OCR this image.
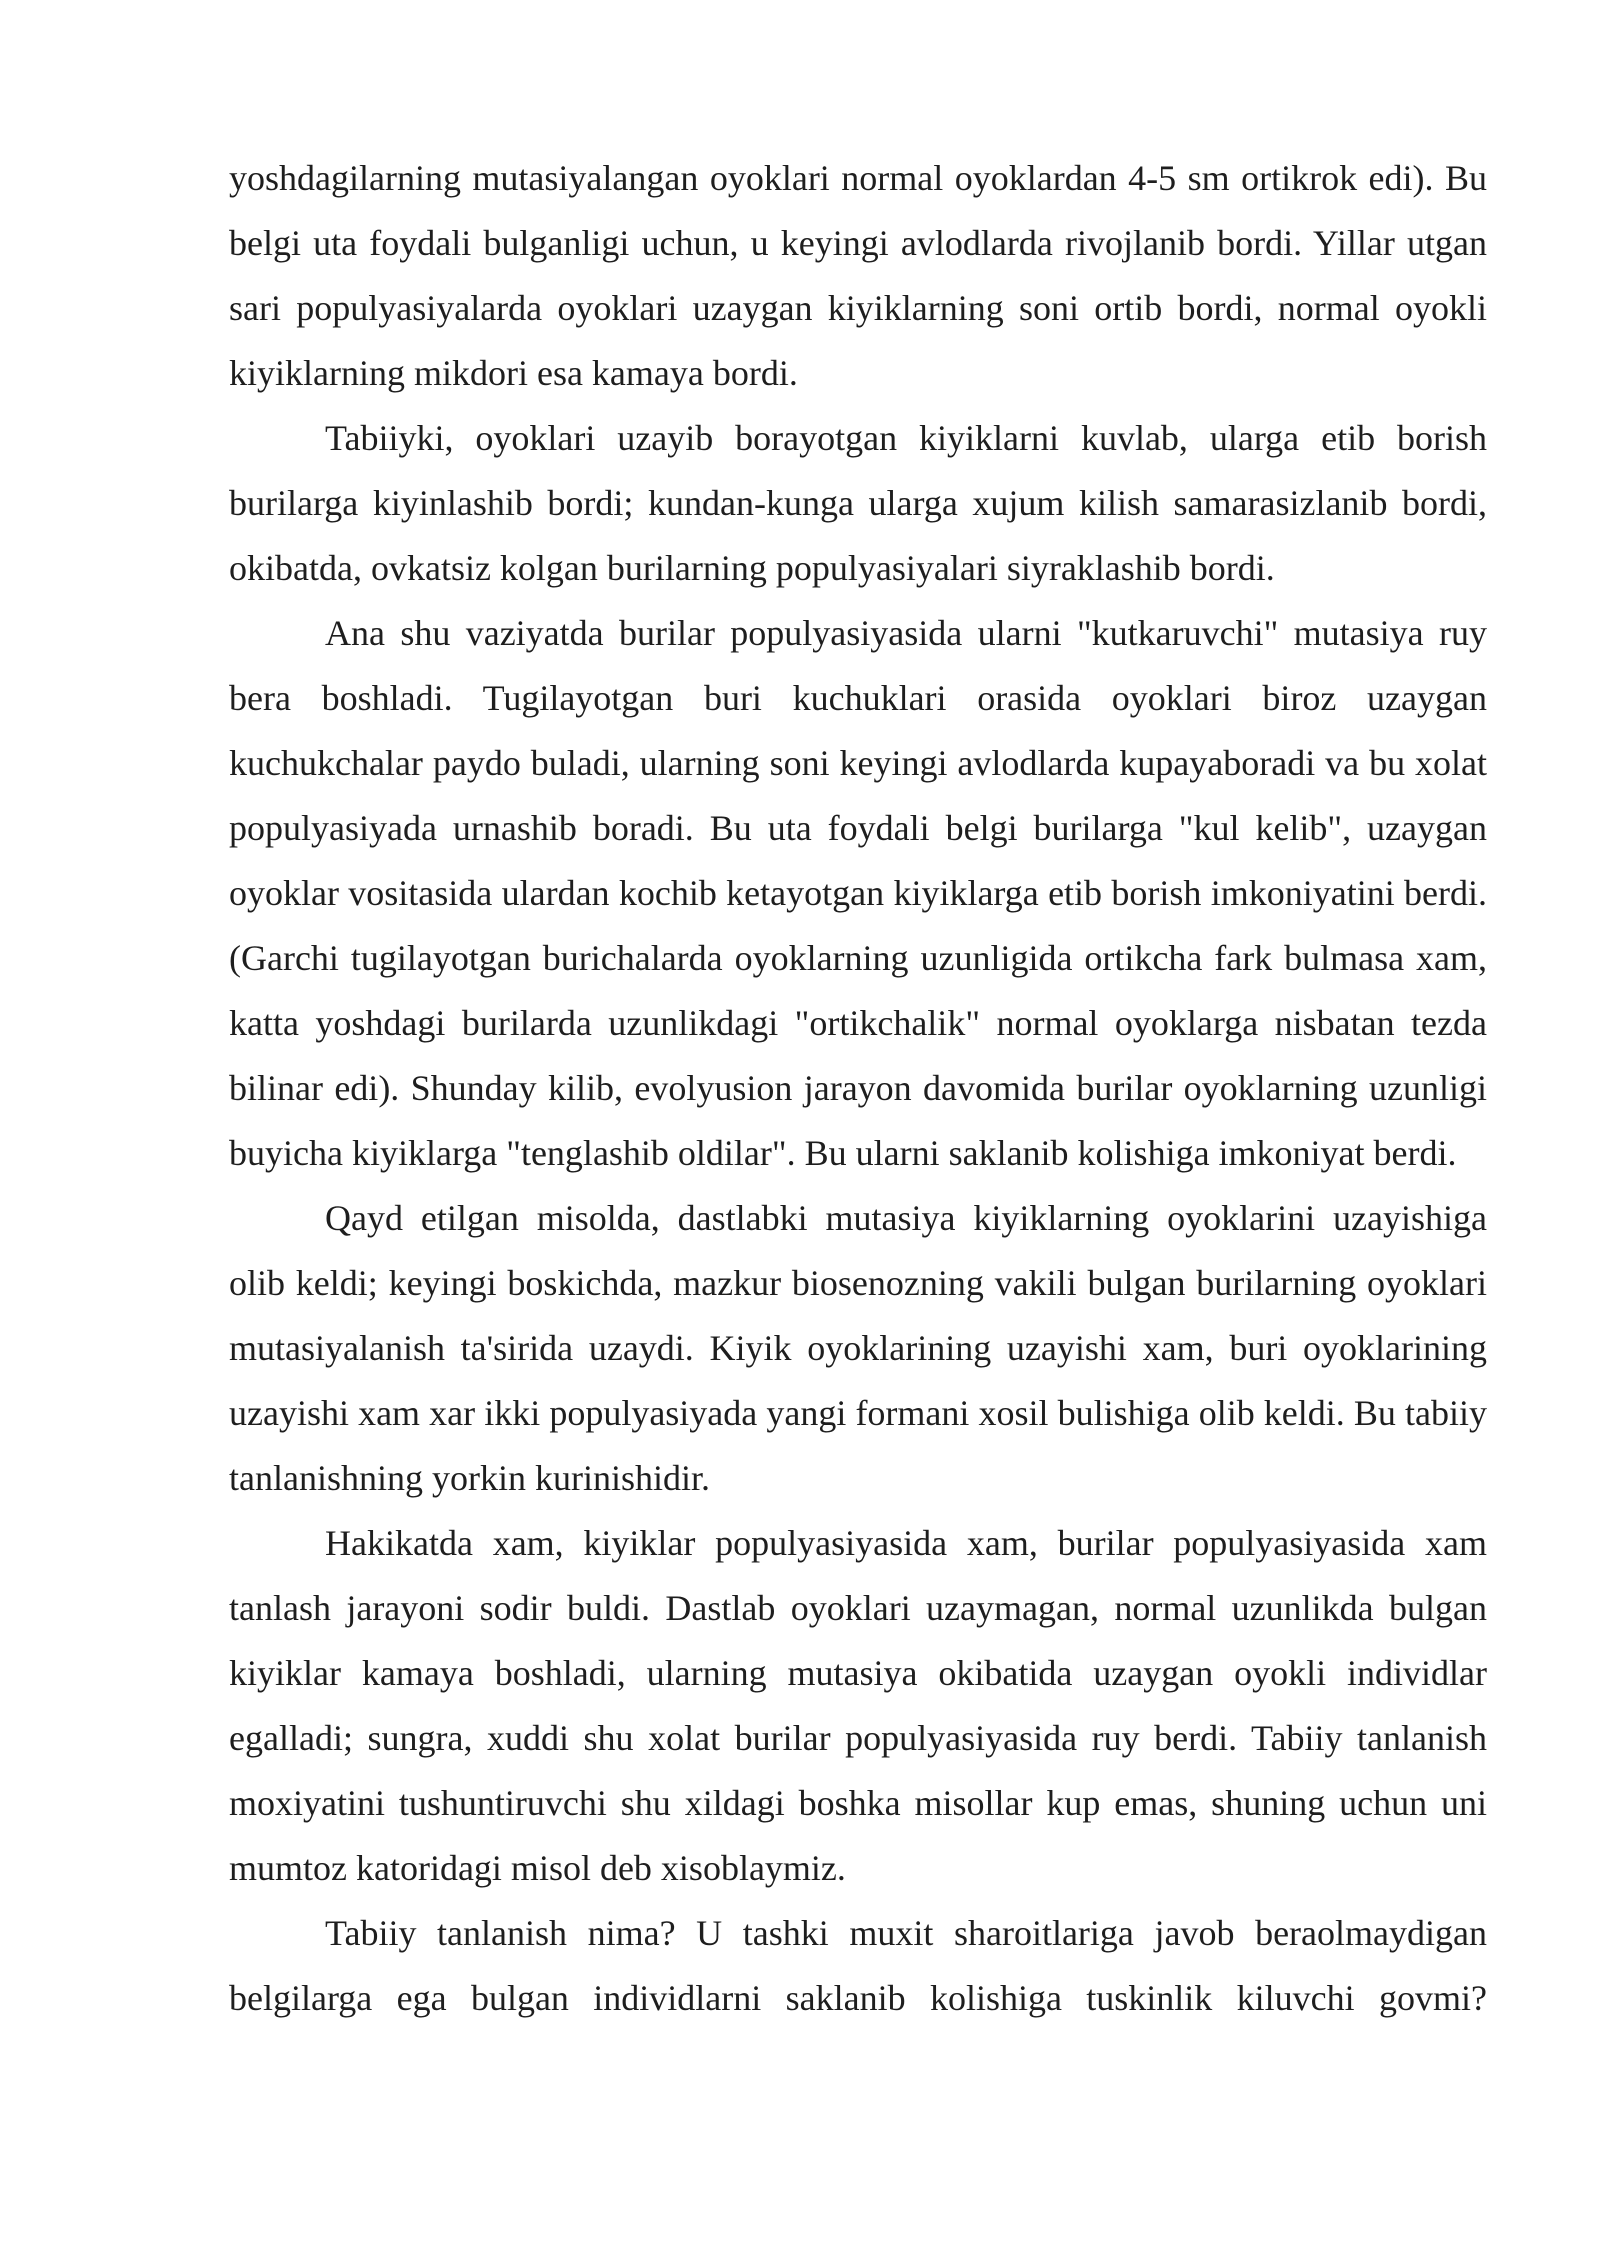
yoshdagilarning mutasiyalangan oyoklari normal oyoklardan 4-5 sm ortikrok edi). Bu belgi uta foydali bulganligi uchun, u keyingi avlodlarda rivojlanib bordi. Yillar utgan sari populyasiyalarda oyoklari uzaygan kiyiklarning soni ortib bordi, normal oyokli kiyiklarning mikdori esa kamaya bordi.

Tabiiyki, oyoklari uzayib borayotgan kiyiklarni kuvlab, ularga etib borish burilarga kiyinlashib bordi; kundan-kunga ularga xujum kilish samarasizlanib bordi, okibatda, ovkatsiz kolgan burilarning populyasiyalari siyraklashib bordi.

Ana shu vaziyatda burilar populyasiyasida ularni "kutkaruvchi" mutasiya ruy bera boshladi. Tugilayotgan buri kuchuklari orasida oyoklari biroz uzaygan kuchukchalar paydo buladi, ularning soni keyingi avlodlarda kupayaboradi va bu xolat populyasiyada urnashib boradi. Bu uta foydali belgi burilarga "kul kelib", uzaygan oyoklar vositasida ulardan kochib ketayotgan kiyiklarga etib borish imkoniyatini berdi. (Garchi tugilayotgan burichalarda oyoklarning uzunligida ortikcha fark bulmasa xam, katta yoshdagi burilarda uzunlikdagi "ortikchalik" normal oyoklarga nisbatan tezda bilinar edi). Shunday kilib, evolyusion jarayon davomida burilar oyoklarning uzunligi buyicha kiyiklarga "tenglashib oldilar". Bu ularni saklanib kolishiga imkoniyat berdi.

Qayd etilgan misolda, dastlabki mutasiya kiyiklarning oyoklarini uzayishiga olib keldi; keyingi boskichda, mazkur biosenozning vakili bulgan burilarning oyoklari mutasiyalanish ta'sirida uzaydi. Kiyik oyoklarining uzayishi xam, buri oyoklarining uzayishi xam xar ikki populyasiyada yangi formani xosil bulishiga olib keldi. Bu tabiiy tanlanishning yorkin kurinishidir.

Hakikatda xam, kiyiklar populyasiyasida xam, burilar populyasiyasida xam tanlash jarayoni sodir buldi. Dastlab oyoklari uzaymagan, normal uzunlikda bulgan kiyiklar kamaya boshladi, ularning mutasiya okibatida uzaygan oyokli individlar egalladi; sungra, xuddi shu xolat burilar populyasiyasida ruy berdi. Tabiiy tanlanish moxiyatini tushuntiruvchi shu xildagi boshka misollar kup emas, shuning uchun uni mumtoz katoridagi misol deb xisoblaymiz.

Tabiiy tanlanish nima? U tashki muxit sharoitlariga javob beraolmaydigan belgilarga ega bulgan individlarni saklanib kolishiga tuskinlik kiluvchi govmi?
